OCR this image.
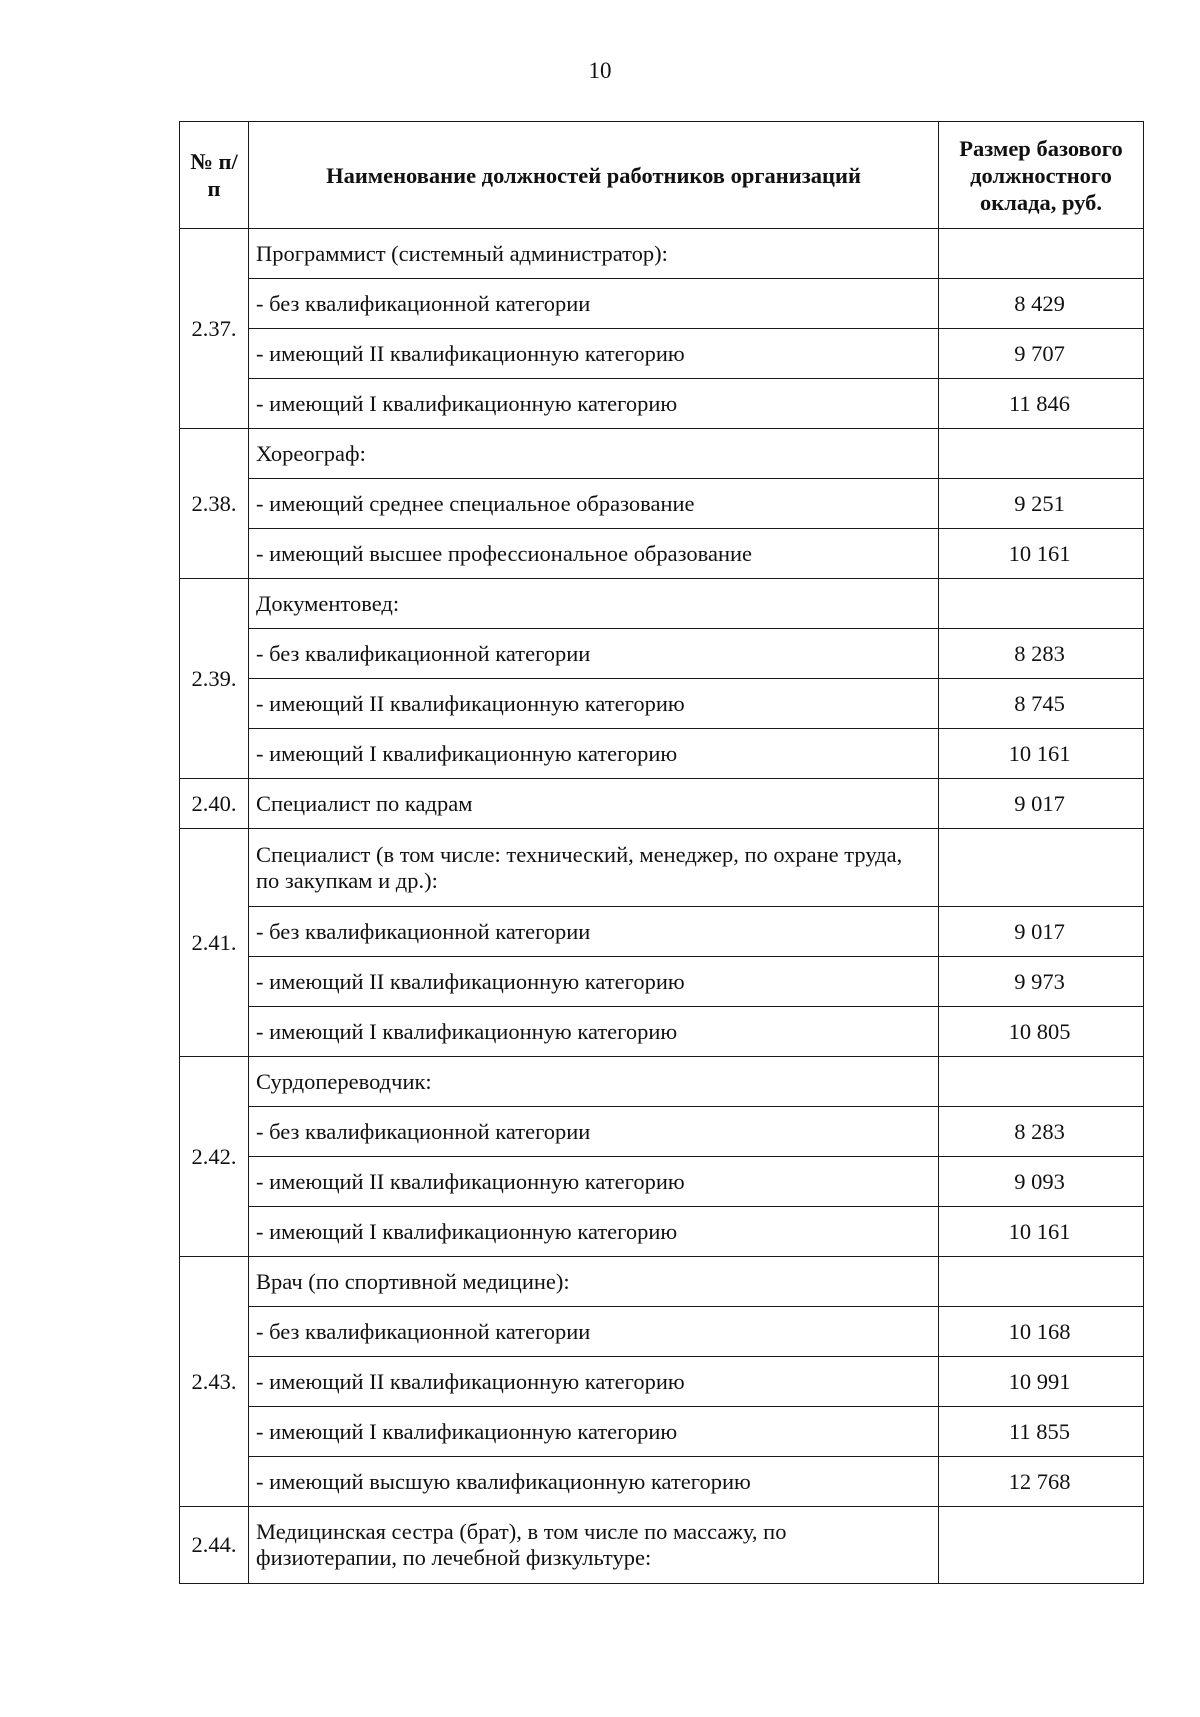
10
№ п/п	Наименование должностей работников организаций	Размер базового должностного оклада, руб.
2.37.	Программист (системный администратор):	
	- без квалификационной категории	8 429
	- имеющий II квалификационную категорию	9 707
	- имеющий I квалификационную категорию	11 846
2.38.	Хореограф:	
	- имеющий среднее специальное образование	9 251
	- имеющий высшее профессиональное образование	10 161
2.39.	Документовед:	
	- без квалификационной категории	8 283
	- имеющий II квалификационную категорию	8 745
	- имеющий I квалификационную категорию	10 161
2.40.	Специалист по кадрам	9 017
2.41.	Специалист (в том числе: технический, менеджер, по охране труда, по закупкам и др.):	
	- без квалификационной категории	9 017
	- имеющий II квалификационную категорию	9 973
	- имеющий I квалификационную категорию	10 805
2.42.	Сурдопереводчик:	
	- без квалификационной категории	8 283
	- имеющий II квалификационную категорию	9 093
	- имеющий I квалификационную категорию	10 161
2.43.	Врач (по спортивной медицине):	
	- без квалификационной категории	10 168
	- имеющий II квалификационную категорию	10 991
	- имеющий I квалификационную категорию	11 855
	- имеющий высшую квалификационную категорию	12 768
2.44.	Медицинская сестра (брат), в том числе по массажу, по физиотерапии, по лечебной физкультуре:	
